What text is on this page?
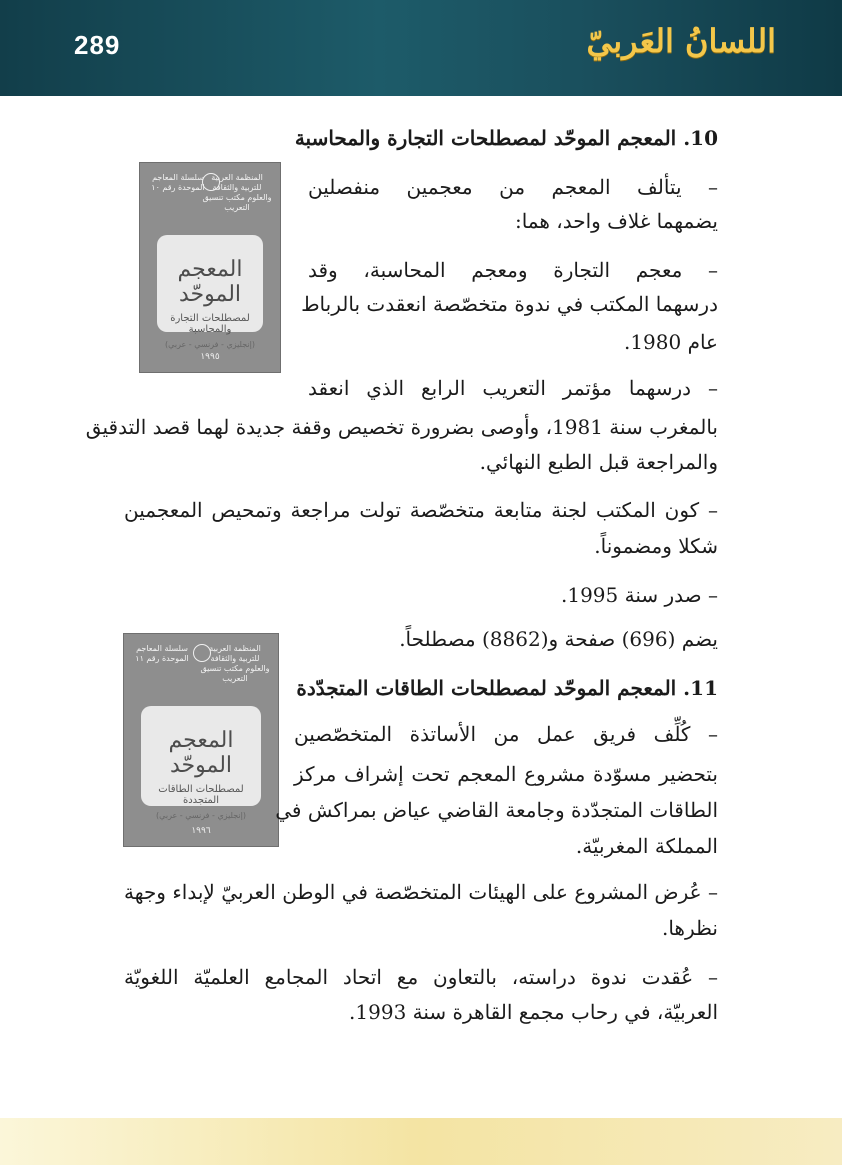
289	اللسانُ العَربيّ
سلسلة المعاجم الموحدة رقم ١٠
المنظمة العربية للتربية والثقافة والعلوم مكتب تنسيق التعريب
المعجم الموحّد
لمصطلحات التجارة والمحاسبة
(إنجليزي - فرنسي - عربي)
١٩٩٥
سلسلة المعاجم الموحدة رقم ١١
المنظمة العربية للتربية والثقافة والعلوم مكتب تنسيق التعريب
المعجم الموحّد
لمصطلحات الطاقات المتجددة
(إنجليزي - فرنسي - عربي)
١٩٩٦
10. المعجم الموحّد لمصطلحات التجارة والمحاسبة
– يتألف المعجم من معجمين منفصلين
يضمهما غلاف واحد، هما:
– معجم التجارة ومعجم المحاسبة، وقد
درسهما المكتب في ندوة متخصّصة انعقدت بالرباط
عام 1980.
– درسهما مؤتمر التعريب الرابع الذي انعقد
بالمغرب سنة 1981، وأوصى بضرورة تخصيص وقفة جديدة لهما قصد التدقيق
والمراجعة قبل الطبع النهائي.
– كون المكتب لجنة متابعة متخصّصة تولت مراجعة وتمحيص المعجمين
شكلا ومضموناً.
– صدر سنة 1995.
يضم (696) صفحة و(8862) مصطلحاً.
11. المعجم الموحّد لمصطلحات الطاقات المتجدّدة
– كُلِّف فريق عمل من الأساتذة المتخصّصين
بتحضير مسوّدة مشروع المعجم تحت إشراف مركز
الطاقات المتجدّدة وجامعة القاضي عياض بمراكش في
المملكة المغربيّة.
– عُرض المشروع على الهيئات المتخصّصة في الوطن العربيّ لإبداء وجهة
نظرها.
– عُقدت ندوة دراسته، بالتعاون مع اتحاد المجامع العلميّة اللغويّة
العربيّة، في رحاب مجمع القاهرة سنة 1993.
